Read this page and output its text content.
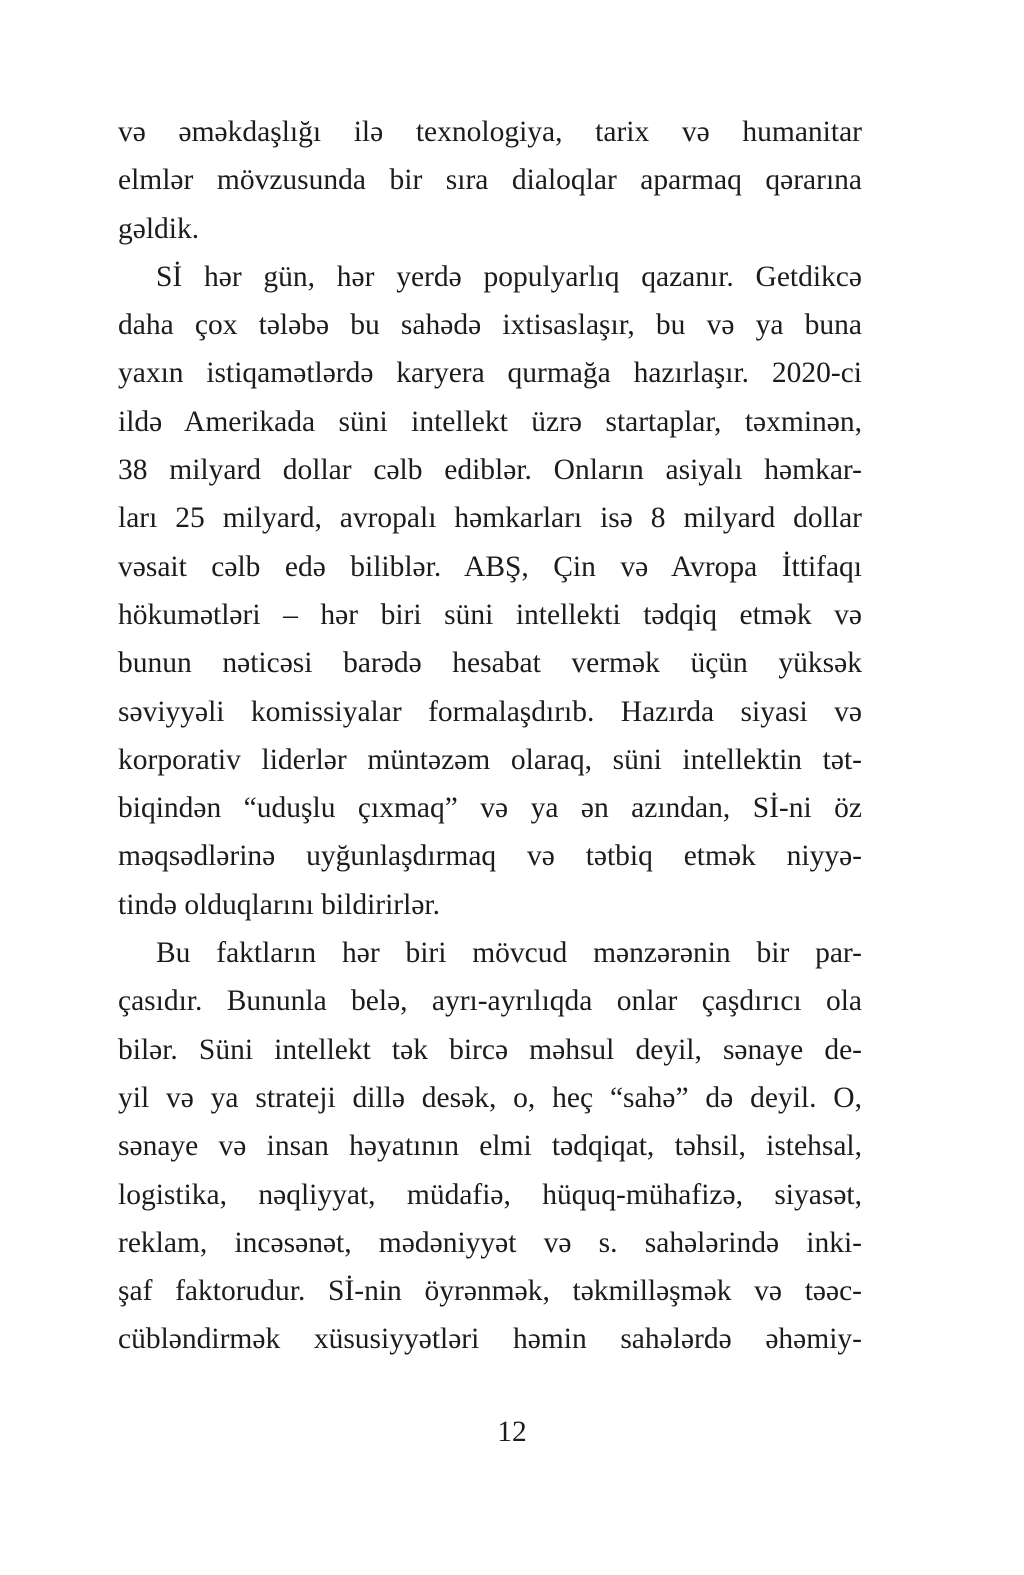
və əməkdaşlığı ilə texnologiya, tarix və humanitar
elmlər mövzusunda bir sıra dialoqlar aparmaq qərarına
gəldik.

Sİ hər gün, hər yerdə populyarlıq qazanır. Getdikcə
daha çox tələbə bu sahədə ixtisaslaşır, bu və ya buna
yaxın istiqamətlərdə karyera qurmağa hazırlaşır. 2020-ci
ildə Amerikada süni intellekt üzrə startaplar, təxminən,
38 milyard dollar cəlb ediblər. Onların asiyalı həmkar-
ları 25 milyard, avropalı həmkarları isə 8 milyard dollar
vəsait cəlb edə biliblər. ABŞ, Çin və Avropa İttifaqı
hökumətləri – hər biri süni intellekti tədqiq etmək və
bunun nəticəsi barədə hesabat vermək üçün yüksək
səviyyəli komissiyalar formalaşdırıb. Hazırda siyasi və
korporativ liderlər müntəzəm olaraq, süni intellektin tət-
biqindən “uduşlu çıxmaq” və ya ən azından, Sİ-ni öz
məqsədlərinə uyğunlaşdırmaq və tətbiq etmək niyyə-
tində olduqlarını bildirirlər.

Bu faktların hər biri mövcud mənzərənin bir par-
çasıdır. Bununla belə, ayrı-ayrılıqda onlar çaşdırıcı ola
bilər. Süni intellekt tək bircə məhsul deyil, sənaye de-
yil və ya strateji dillə desək, o, heç “sahə” də deyil. O,
sənaye və insan həyatının elmi tədqiqat, təhsil, istehsal,
logistika, nəqliyyat, müdafiə, hüquq-mühafizə, siyasət,
reklam, incəsənət, mədəniyyət və s. sahələrində inki-
şaf faktorudur. Sİ-nin öyrənmək, təkmilləşmək və təəc-
cübləndirmək xüsusiyyətləri həmin sahələrdə əhəmiy-

12
